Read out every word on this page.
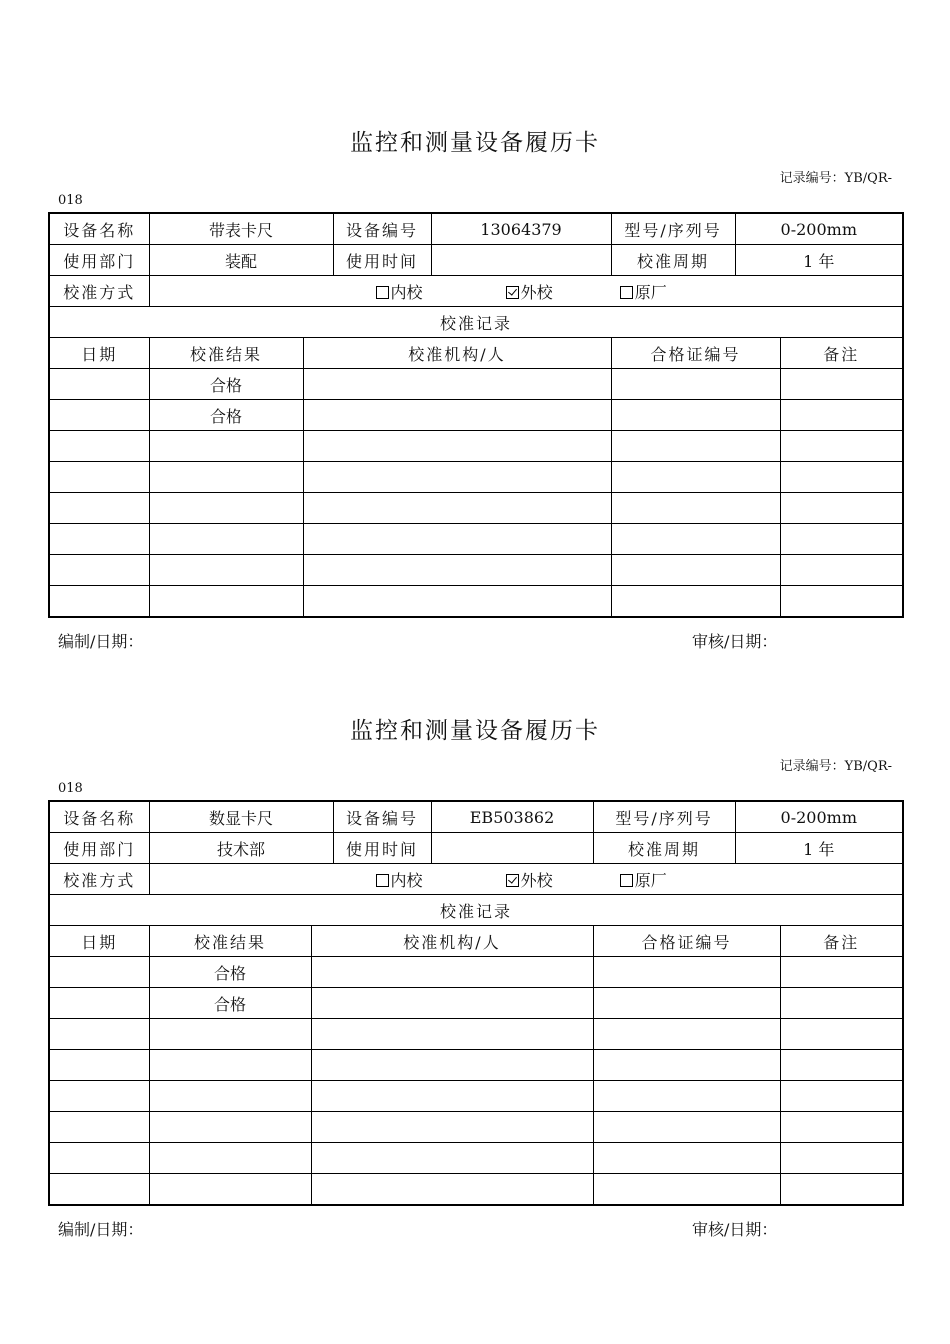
监控和测量设备履历卡
记录编号：YB/QR-
018
设备名称	带表卡尺		设备编号	13064379	型号/序列号	0-200mm	
使用部门	装配		使用时间		校准周期	1 年	
校准方式	内校 外校 原厂						
校准记录							
日期	校准结果	校准机构/人			合格证编号		备注
	合格						
	合格						

编制/日期：	审核/日期：
监控和测量设备履历卡
记录编号：YB/QR-
018
设备名称	数显卡尺		设备编号	EB503862	型号/序列号	0-200mm	
使用部门	技术部		使用时间		校准周期	1 年	
校准方式	内校 外校 原厂						
校准记录							
日期	校准结果	校准机构/人			合格证编号		备注
	合格						
	合格						

编制/日期：	审核/日期：
